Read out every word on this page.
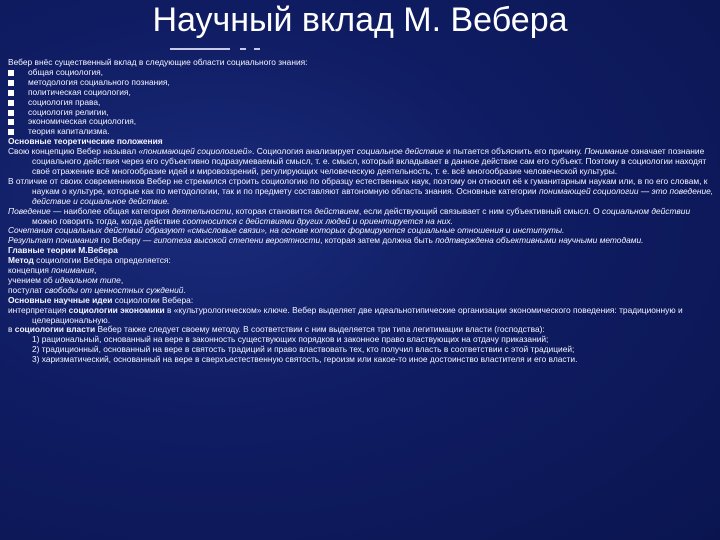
Научный вклад М. Вебера

Вебер внёс существенный вклад в следующие области социального знания:

общая социология,
методология социального познания,
политическая социология,
социология права,
социология религии,
экономическая социология,
теория капитализма.

Основные теоретические положения

Свою концепцию Вебер называл «понимающей социологией». Социология анализирует социальное действие и пытается объяснить его причину. Понимание означает познание социального действия через его субъективно подразумеваемый смысл, т. е. смысл, который вкладывает в данное действие сам его субъект. Поэтому в социологии находят своё отражение всё многообразие идей и мировоззрений, регулирующих человеческую деятельность, т. е. всё многообразие человеческой культуры.

В отличие от своих современников Вебер не стремился строить социологию по образцу естественных наук, поэтому он относил её к гуманитарным наукам или, в по его словам, к наукам о культуре, которые как по методологии, так и по предмету составляют автономную область знания. Основные категории понимающей социологии — это поведение, действие и социальное действие.

Поведение — наиболее общая категория деятельности, которая становится действием, если действующий связывает с ним субъективный смысл. О социальном действии можно говорить тогда, когда действие соотносится с действиями других людей и ориентируется на них.

Сочетания социальных действий образуют «смысловые связи», на основе которых формируются социальные отношения и институты.

Результат понимания по Веберу — гипотеза высокой степени вероятности, которая затем должна быть подтверждена объективными научными методами.

Главные теории М.Вебера

Метод социологии Вебера определяется:

концепция понимания,

учением об идеальном типе,

постулат свободы от ценностных суждений.

Основные научные идеи социологии Вебера:

интерпретация социологии экономики в «культурологическом» ключе. Вебер выделяет две идеальнотипические организации экономического поведения: традиционную и целерациональную.

в социологии власти Вебер также следует своему методу. В соответствии с ним выделяется три типа легитимации власти (господства):

1) рациональный, основанный на вере в законность существующих порядков и законное право властвующих на отдачу приказаний;

2) традиционный, основанный на вере в святость традиций и право властвовать тех, кто получил власть в соответствии с этой традицией;

3) харизматический, основанный на вере в сверхъестественную святость, героизм или какое-то иное достоинство властителя и его власти.
